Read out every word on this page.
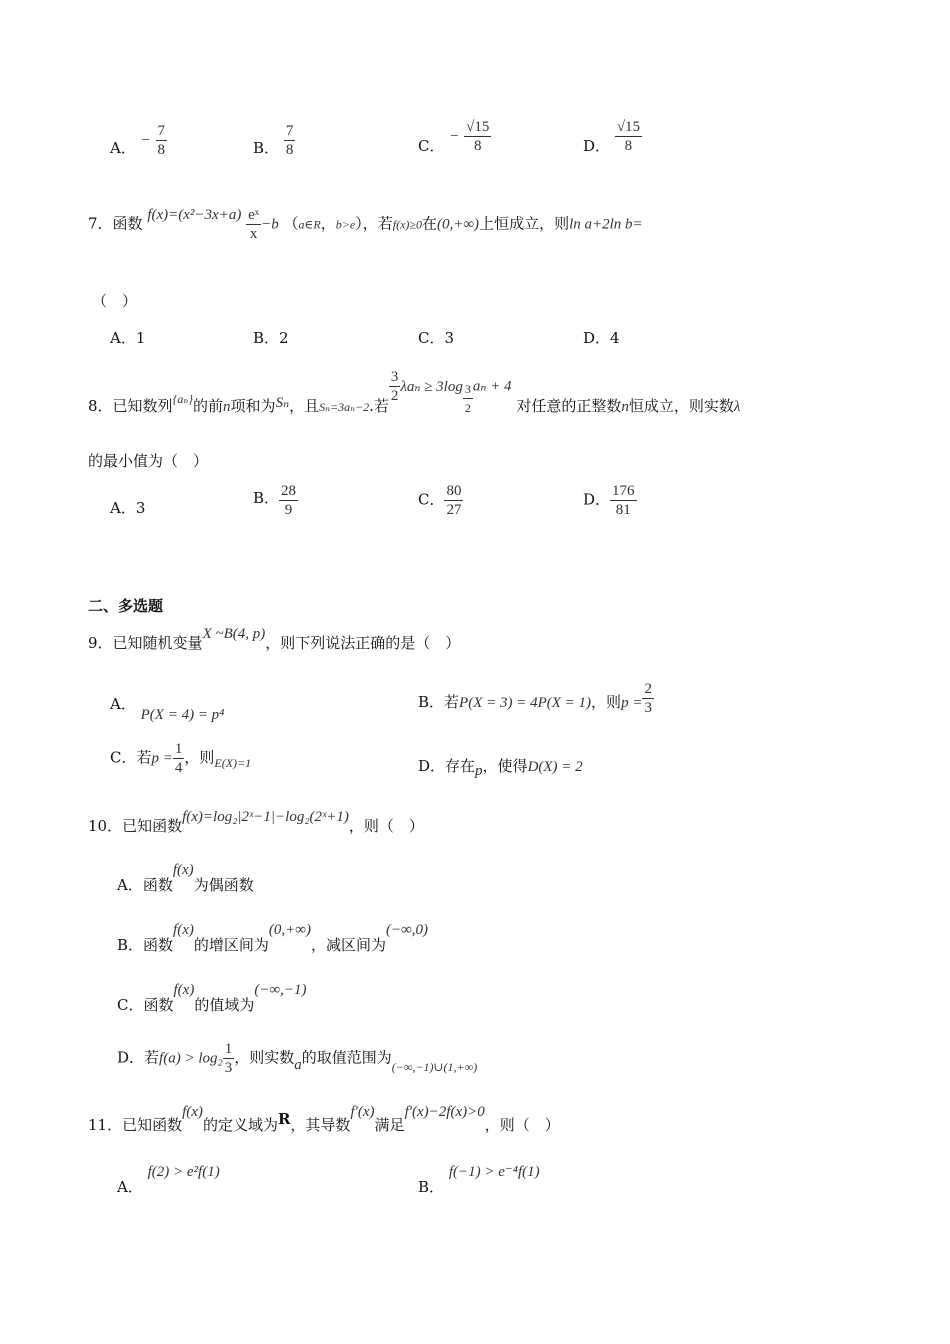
A． − $\frac{7}{8}$	B． $\frac{7}{8}$	C． − $\frac{√15}{8}$	D． $\frac{√15}{8}$
7．函数 $f(x)=(x^2-3x+a) \frac{\text{eˣ}}{x} -b$ （a∈R，b>e），若f(x)≥0在(0,+∞)上恒成立，则ln a+2ln b=
（　）
A．1	B．2	C．3	D．4
8．已知数列$_{\{a_n\}}$的前n项和为Sₙ，且$_{S_n=3a_n-2}$.若
$\frac{3}{2}$ $\lambda a_n \ge 3\log \frac{3}{2}$ aₙ + 4 对任意的正整数n恒成立，则实数λ
的最小值为（　）
A．3
B． $\frac{28}{9}$	C． $\frac{80}{27}$	D． $\frac{176}{81}$
二、多选题
9．已知随机变量X ~B(4, p)，则下列说法正确的是（　）
A． P(X = 4) = p⁴
B．若P(X = 3) = 4P(X = 1)，则$p = \frac{2}{3}$
C．若$p = \frac{1}{4}$ ，则$_{E(X)=1}$	D．存在p，使得D(X) = 2
10．已知函数f(x)=log₂|2ˣ−1|−log₂(2ˣ+1)，则（　）
A．函数f(x)为偶函数
B．函数f(x)的增区间为(0,+∞)，减区间为(−∞,0)
C．函数f(x)的值域为(−∞,−1)
D．若$f(a) > \log_2 \frac{1}{3}$ ，则实数a的取值范围为$_{(-\infty,-1)\cup(1,+\infty)}$
11．已知函数f(x)的定义域为R，其导数f′(x)满足f′(x)−2f(x)>0，则（　）
A． f(2) > e²f(1)
B． f(−1) > e⁻⁴f(1)
